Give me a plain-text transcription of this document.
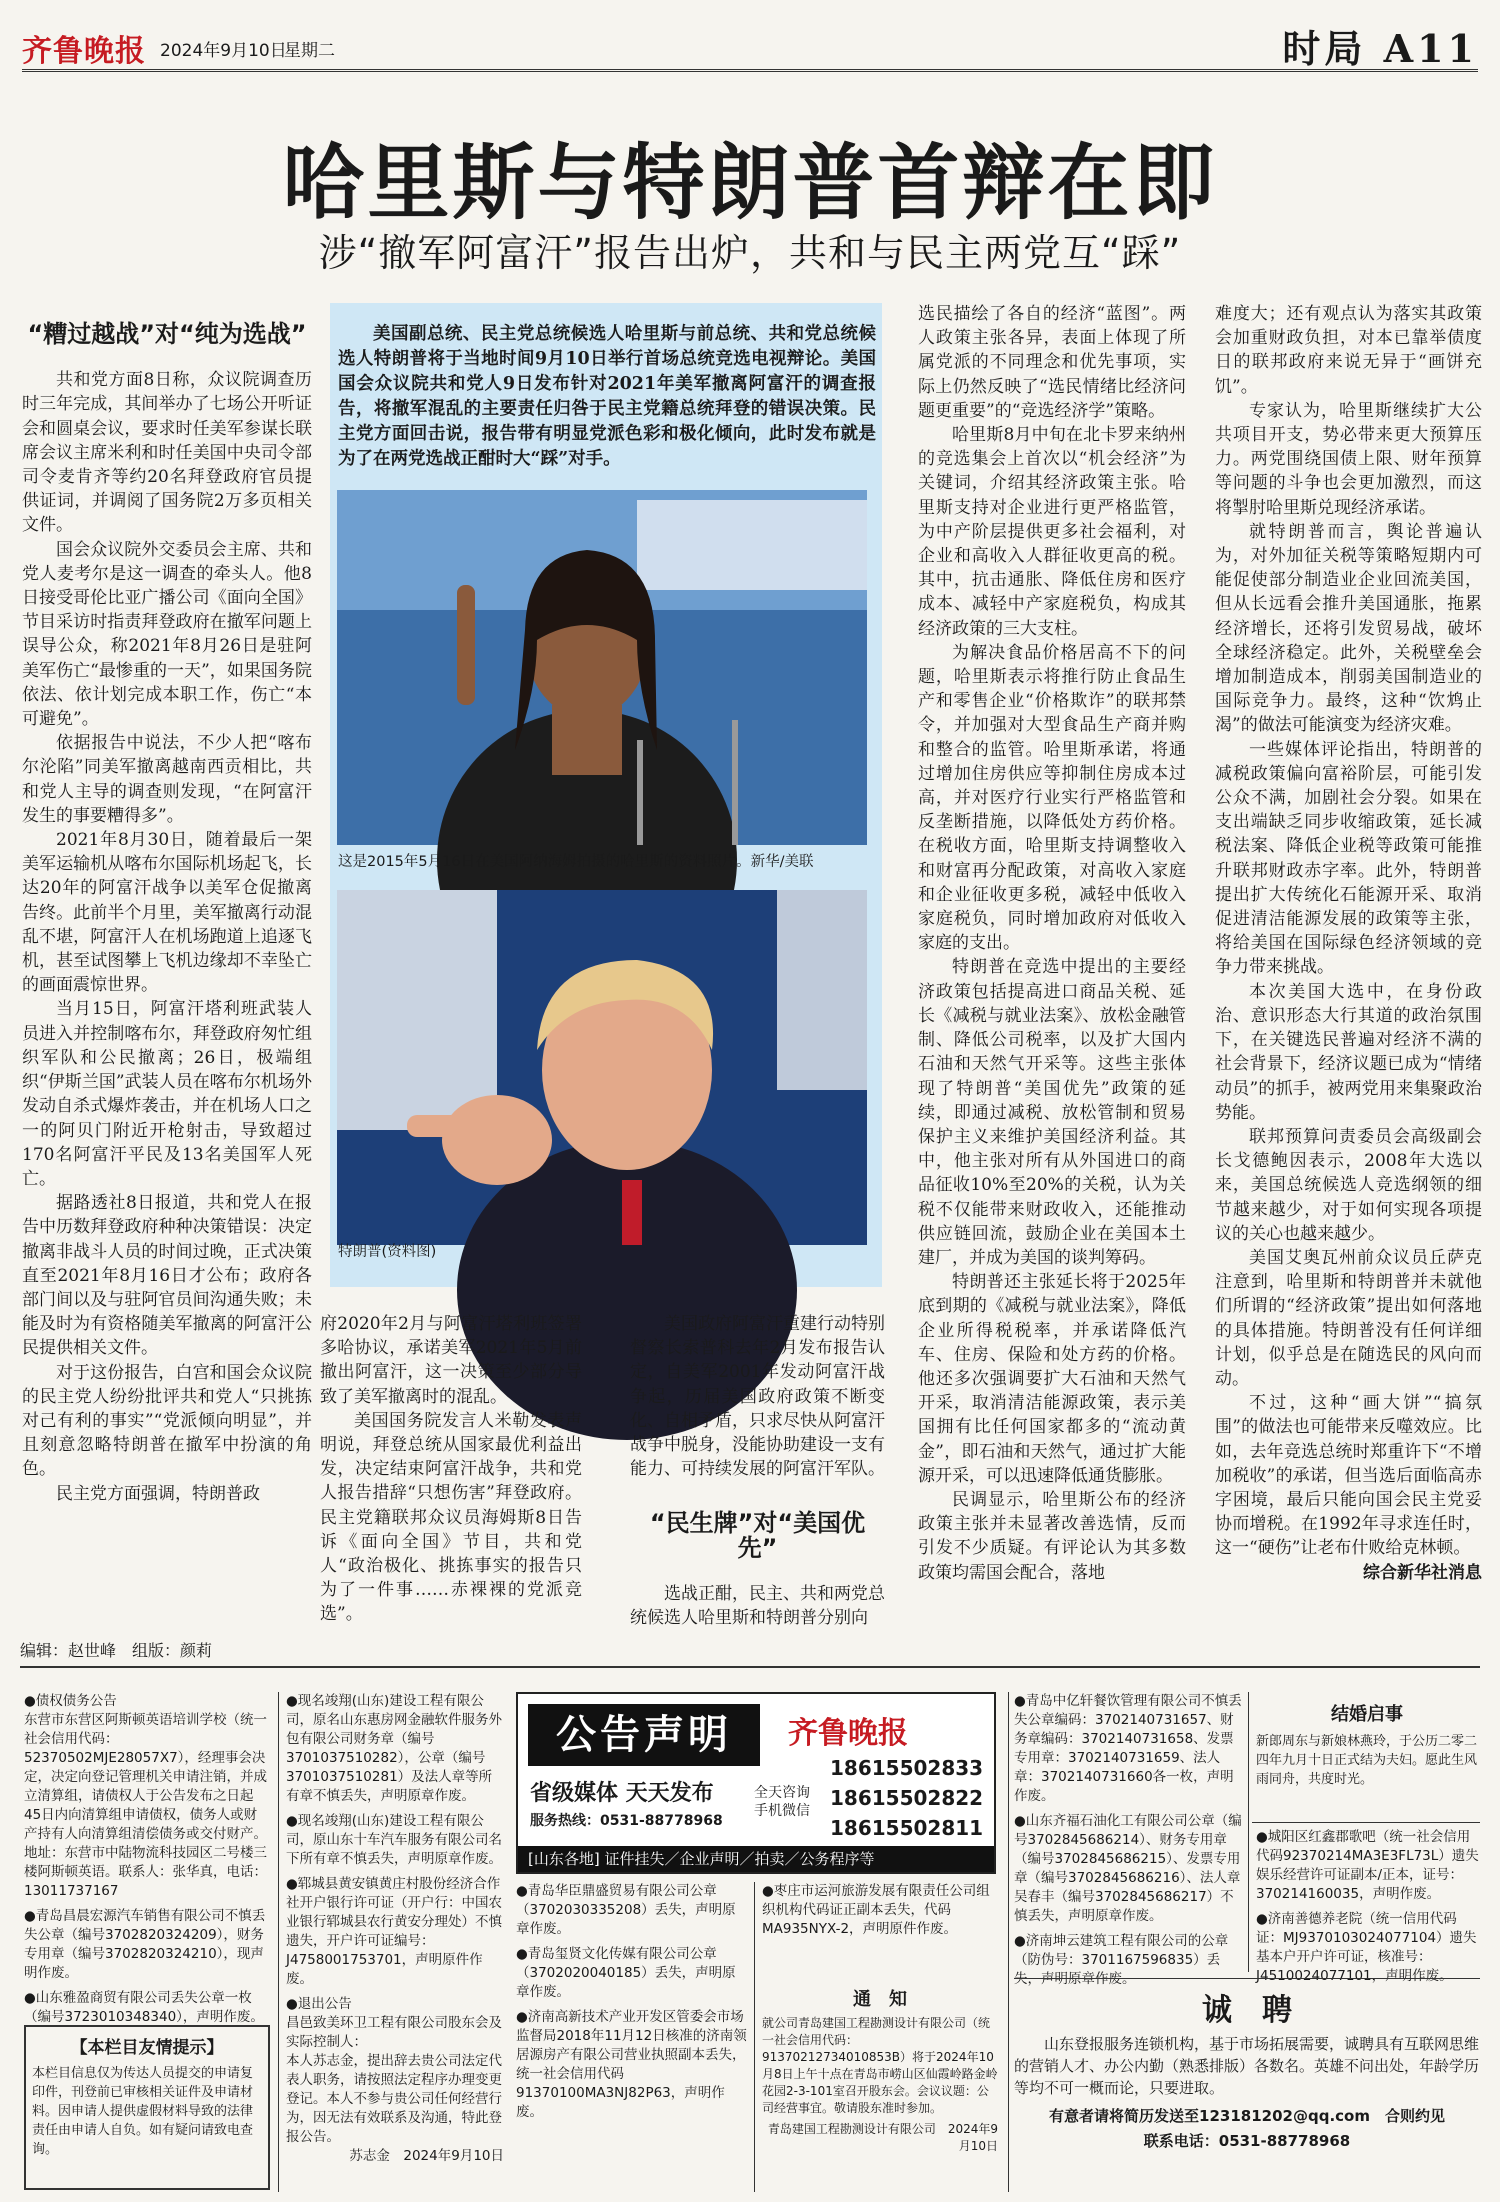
齐鲁晚报 2024年9月10日
星期二	时局 A11
哈里斯与特朗普首辩在即
涉“撤军阿富汗”报告出炉，共和与民主两党互“踩”
“糟过越战”对“纯为选战”

共和党方面8日称，众议院调查历时三年完成，其间举办了七场公开听证会和圆桌会议，要求时任美军参谋长联席会议主席米利和时任美国中央司令部司令麦肯齐等约20名拜登政府官员提供证词，并调阅了国务院2万多页相关文件。

国会众议院外交委员会主席、共和党人麦考尔是这一调查的牵头人。他8日接受哥伦比亚广播公司《面向全国》节目采访时指责拜登政府在撤军问题上误导公众，称2021年8月26日是驻阿美军伤亡“最惨重的一天”，如果国务院依法、依计划完成本职工作，伤亡“本可避免”。

依据报告中说法，不少人把“喀布尔沦陷”同美军撤离越南西贡相比，共和党人主导的调查则发现，“在阿富汗发生的事要糟得多”。

2021年8月30日，随着最后一架美军运输机从喀布尔国际机场起飞，长达20年的阿富汗战争以美军仓促撤离告终。此前半个月里，美军撤离行动混乱不堪，阿富汗人在机场跑道上追逐飞机，甚至试图攀上飞机边缘却不幸坠亡的画面震惊世界。

当月15日，阿富汗塔利班武装人员进入并控制喀布尔，拜登政府匆忙组织军队和公民撤离；26日，极端组织“伊斯兰国”武装人员在喀布尔机场外发动自杀式爆炸袭击，并在机场人口之一的阿贝门附近开枪射击，导致超过170名阿富汗平民及13名美国军人死亡。

据路透社8日报道，共和党人在报告中历数拜登政府种种决策错误：决定撤离非战斗人员的时间过晚，正式决策直至2021年8月16日才公布；政府各部门间以及与驻阿官员间沟通失败；未能及时为有资格随美军撤离的阿富汗公民提供相关文件。

对于这份报告，白宫和国会众议院的民主党人纷纷批评共和党人“只挑拣对己有利的事实”“党派倾向明显”，并且刻意忽略特朗普在撤军中扮演的角色。

民主党方面强调，特朗普政

美国副总统、民主党总统候选人哈里斯与前总统、共和党总统候选人特朗普将于当地时间9月10日举行首场总统竞选电视辩论。美国国会众议院共和党人9日发布针对2021年美军撤离阿富汗的调查报告，将撤军混乱的主要责任归咎于民主党籍总统拜登的错误决策。民主党方面回击说，报告带有明显党派色彩和极化倾向，此时发布就是为了在两党选战正酣时大“踩”对手。

这是2015年5月16日在美国阿纳海姆拍摄的哈里斯的资料照片。新华/美联
特朗普(资料图)

府2020年2月与阿富汗塔利班签署多哈协议，承诺美军2021年5月前撤出阿富汗，这一决策至少部分导致了美军撤离时的混乱。

美国国务院发言人米勒发表声明说，拜登总统从国家最优利益出发，决定结束阿富汗战争，共和党人报告措辞“只想伤害”拜登政府。民主党籍联邦众议员海姆斯8日告诉《面向全国》节目，共和党人“政治极化、挑拣事实的报告只为了一件事……赤裸裸的党派竞选”。

美国政府阿富汗重建行动特别督察长索普科去年2月发布报告认定，自美军2001年发动阿富汗战争起，历届美国政府政策不断变化、自相矛盾，只求尽快从阿富汗战争中脱身，没能协助建设一支有能力、可持续发展的阿富汗军队。

“民生牌”对“美国优先”

选战正酣，民主、共和两党总统候选人哈里斯和特朗普分别向

选民描绘了各自的经济“蓝图”。两人政策主张各异，表面上体现了所属党派的不同理念和优先事项，实际上仍然反映了“选民情绪比经济问题更重要”的“竞选经济学”策略。

哈里斯8月中旬在北卡罗来纳州的竞选集会上首次以“机会经济”为关键词，介绍其经济政策主张。哈里斯支持对企业进行更严格监管，为中产阶层提供更多社会福利，对企业和高收入人群征收更高的税。其中，抗击通胀、降低住房和医疗成本、减轻中产家庭税负，构成其经济政策的三大支柱。

为解决食品价格居高不下的问题，哈里斯表示将推行防止食品生产和零售企业“价格欺诈”的联邦禁令，并加强对大型食品生产商并购和整合的监管。哈里斯承诺，将通过增加住房供应等抑制住房成本过高，并对医疗行业实行严格监管和反垄断措施，以降低处方药价格。在税收方面，哈里斯支持调整收入和财富再分配政策，对高收入家庭和企业征收更多税，减轻中低收入家庭税负，同时增加政府对低收入家庭的支出。

特朗普在竞选中提出的主要经济政策包括提高进口商品关税、延长《减税与就业法案》、放松金融管制、降低公司税率，以及扩大国内石油和天然气开采等。这些主张体现了特朗普“美国优先”政策的延续，即通过减税、放松管制和贸易保护主义来维护美国经济利益。其中，他主张对所有从外国进口的商品征收10%至20%的关税，认为关税不仅能带来财政收入，还能推动供应链回流，鼓励企业在美国本土建厂，并成为美国的谈判筹码。

特朗普还主张延长将于2025年底到期的《减税与就业法案》，降低企业所得税税率，并承诺降低汽车、住房、保险和处方药的价格。他还多次强调要扩大石油和天然气开采，取消清洁能源政策，表示美国拥有比任何国家都多的“流动黄金”，即石油和天然气，通过扩大能源开采，可以迅速降低通货膨胀。

民调显示，哈里斯公布的经济政策主张并未显著改善选情，反而引发不少质疑。有评论认为其多数政策均需国会配合，落地

难度大；还有观点认为落实其政策会加重财政负担，对本已靠举债度日的联邦政府来说无异于“画饼充饥”。

专家认为，哈里斯继续扩大公共项目开支，势必带来更大预算压力。两党围绕国债上限、财年预算等问题的斗争也会更加激烈，而这将掣肘哈里斯兑现经济承诺。

就特朗普而言，舆论普遍认为，对外加征关税等策略短期内可能促使部分制造业企业回流美国，但从长远看会推升美国通胀，拖累经济增长，还将引发贸易战，破坏全球经济稳定。此外，关税壁垒会增加制造成本，削弱美国制造业的国际竞争力。最终，这种“饮鸩止渴”的做法可能演变为经济灾难。

一些媒体评论指出，特朗普的减税政策偏向富裕阶层，可能引发公众不满，加剧社会分裂。如果在支出端缺乏同步收缩政策，延长减税法案、降低企业税等政策可能推升联邦财政赤字率。此外，特朗普提出扩大传统化石能源开采、取消促进清洁能源发展的政策等主张，将给美国在国际绿色经济领域的竞争力带来挑战。

本次美国大选中，在身份政治、意识形态大行其道的政治氛围下，在关键选民普遍对经济不满的社会背景下，经济议题已成为“情绪动员”的抓手，被两党用来集聚政治势能。

联邦预算问责委员会高级副会长戈德鲍因表示，2008年大选以来，美国总统候选人竞选纲领的细节越来越少，对于如何实现各项提议的关心也越来越少。

美国艾奥瓦州前众议员丘萨克注意到，哈里斯和特朗普并未就他们所谓的“经济政策”提出如何落地的具体措施。特朗普没有任何详细计划，似乎总是在随选民的风向而动。

不过，这种“画大饼”“搞氛围”的做法也可能带来反噬效应。比如，去年竞选总统时郑重许下“不增加税收”的承诺，但当选后面临高赤字困境，最后只能向国会民主党妥协而增税。在1992年寻求连任时，这一“硬伤”让老布什败给克林顿。

综合新华社消息
编辑：赵世峰　组版：颜莉

●债权债务公告

东营市东营区阿斯顿英语培训学校（统一社会信用代码：52370502MJE28057X7），经理事会决定，决定向登记管理机关申请注销，并成立清算组，请债权人于公告发布之日起45日内向清算组申请债权，债务人或财产持有人向清算组清偿债务或交付财产。地址：东营市中陆物流科技园区二号楼三楼阿斯顿英语。联系人：张华真，电话：13011737167

●青岛昌晨宏源汽车销售有限公司不慎丢失公章（编号3702820324209），财务专用章（编号3702820324210），现声明作废。

●山东雅盈商贸有限公司丢失公章一枚（编号3723010348340），声明作废。

【本栏目友情提示】
本栏目信息仅为传达人员提交的申请复印件，刊登前已审核相关证件及申请材料。因申请人提供虚假材料导致的法律责任由申请人自负。如有疑问请致电查询。

●现名竣翔(山东)建设工程有限公司，原名山东惠房网金融软件服务外包有限公司财务章（编号3701037510282），公章（编号3701037510281）及法人章等所有章不慎丢失，声明原章作废。

●现名竣翔(山东)建设工程有限公司，原山东十车汽车服务有限公司名下所有章不慎丢失，声明原章作废。

●郓城县黄安镇黄庄村股份经济合作社开户银行许可证（开户行：中国农业银行郓城县农行黄安分理处）不慎遗失，开户许可证编号：J4758001753701，声明原件作废。

●退出公告

昌邑致美环卫工程有限公司股东会及实际控制人：

本人苏志金，提出辞去贵公司法定代表人职务，请按照法定程序办理变更登记。本人不参与贵公司任何经营行为，因无法有效联系及沟通，特此登报公告。

苏志金　2024年9月10日

公告声明	齐鲁晚报
省级媒体 天天发布
服务热线：0531-88778968
全天咨询 手机微信
18615502833
18615502822
18615502811
[山东各地] 证件挂失／企业声明／拍卖／公务程序等

●青岛华臣鼎盛贸易有限公司公章（3702030335208）丢失，声明原章作废。

●青岛玺贤文化传媒有限公司公章（3702020040185）丢失，声明原章作废。

●济南高新技术产业开发区管委会市场监督局2018年11月12日核准的济南领居源房产有限公司营业执照副本丢失，统一社会信用代码91370100MA3NJ82P63，声明作废。

●枣庄市运河旅游发展有限责任公司组织机构代码证正副本丢失，代码MA935NYX-2，声明原件作废。

通　知
就公司青岛建国工程勘测设计有限公司（统一社会信用代码：91370212734010853B）将于2024年10月8日上午十点在青岛市崂山区仙霞岭路金岭花园2-3-101室召开股东会。会议议题：公司经营事宜。敬请股东准时参加。
青岛建国工程勘测设计有限公司　2024年9月10日

●青岛中亿轩餐饮管理有限公司不慎丢失公章编码：3702140731657、财务章编码：3702140731658、发票专用章：3702140731659、法人章：3702140731660各一枚，声明作废。

●山东齐福石油化工有限公司公章（编号3702845686214）、财务专用章（编号3702845686215）、发票专用章（编号3702845686216）、法人章吴春丰（编号3702845686217）不慎丢失，声明原章作废。

●济南坤云建筑工程有限公司的公章（防伪号：3701167596835）丢失，声明原章作废。

结婚启事
新郎周东与新娘林燕玲，于公历二零二四年九月十日正式结为夫妇。愿此生风雨同舟，共度时光。

●城阳区红鑫郡歌吧（统一社会信用代码92370214MA3E3FL73L）遗失娱乐经营许可证副本/正本，证号：370214160035，声明作废。

●济南善德养老院（统一信用代码证：MJ9370103024077104）遗失基本户开户许可证，核准号：J4510024077101，声明作废。

诚　聘
山东登报服务连锁机构，基于市场拓展需要，诚聘具有互联网思维的营销人才、办公内勤（熟悉排版）各数名。英雄不问出处，年龄学历等均不可一概而论，只要进取。
有意者请将简历发送至123181202@qq.com　合则约见
联系电话：0531-88778968
